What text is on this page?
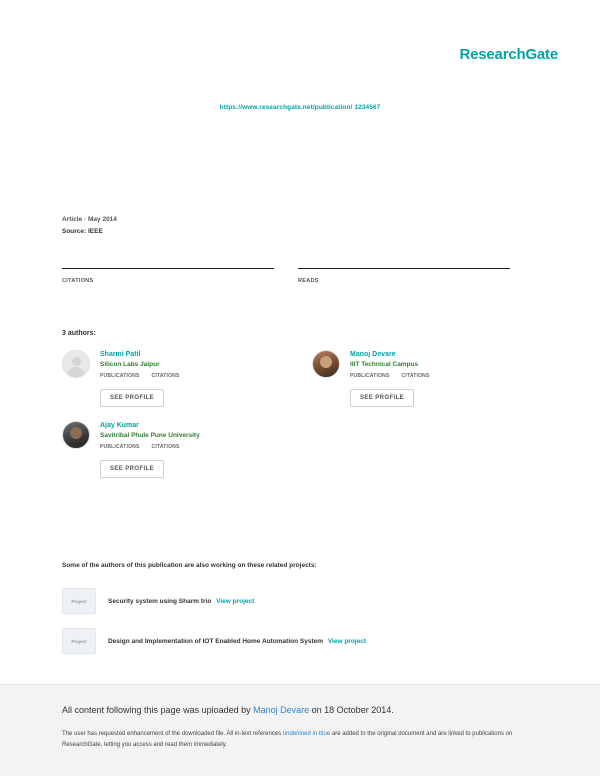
ResearchGate
https://www.researchgate.net/publication/ 1234567
Article · May 2014
Source: IEEE
CITATIONS	READS
3 authors:
Sharmi Patil
Silicon Labs Jaipur
PUBLICATIONS CITATIONS
SEE PROFILE
Manoj Devare
IIIT Technical Campus
PUBLICATIONS CITATIONS
SEE PROFILE
Ajay Kumar
Savitribai Phule Pune University
PUBLICATIONS CITATIONS
SEE PROFILE
Some of the authors of this publication are also working on these related projects:
Project	Security system using Sharm trio View project
Project	Design and Implementation of IOT Enabled Home Automation System View project
All content following this page was uploaded by Manoj Devare on 18 October 2014.
The user has requested enhancement of the downloaded file. All in-text references underlined in blue are added to the original document and are linked to publications on ResearchGate, letting you access and read them immediately.
